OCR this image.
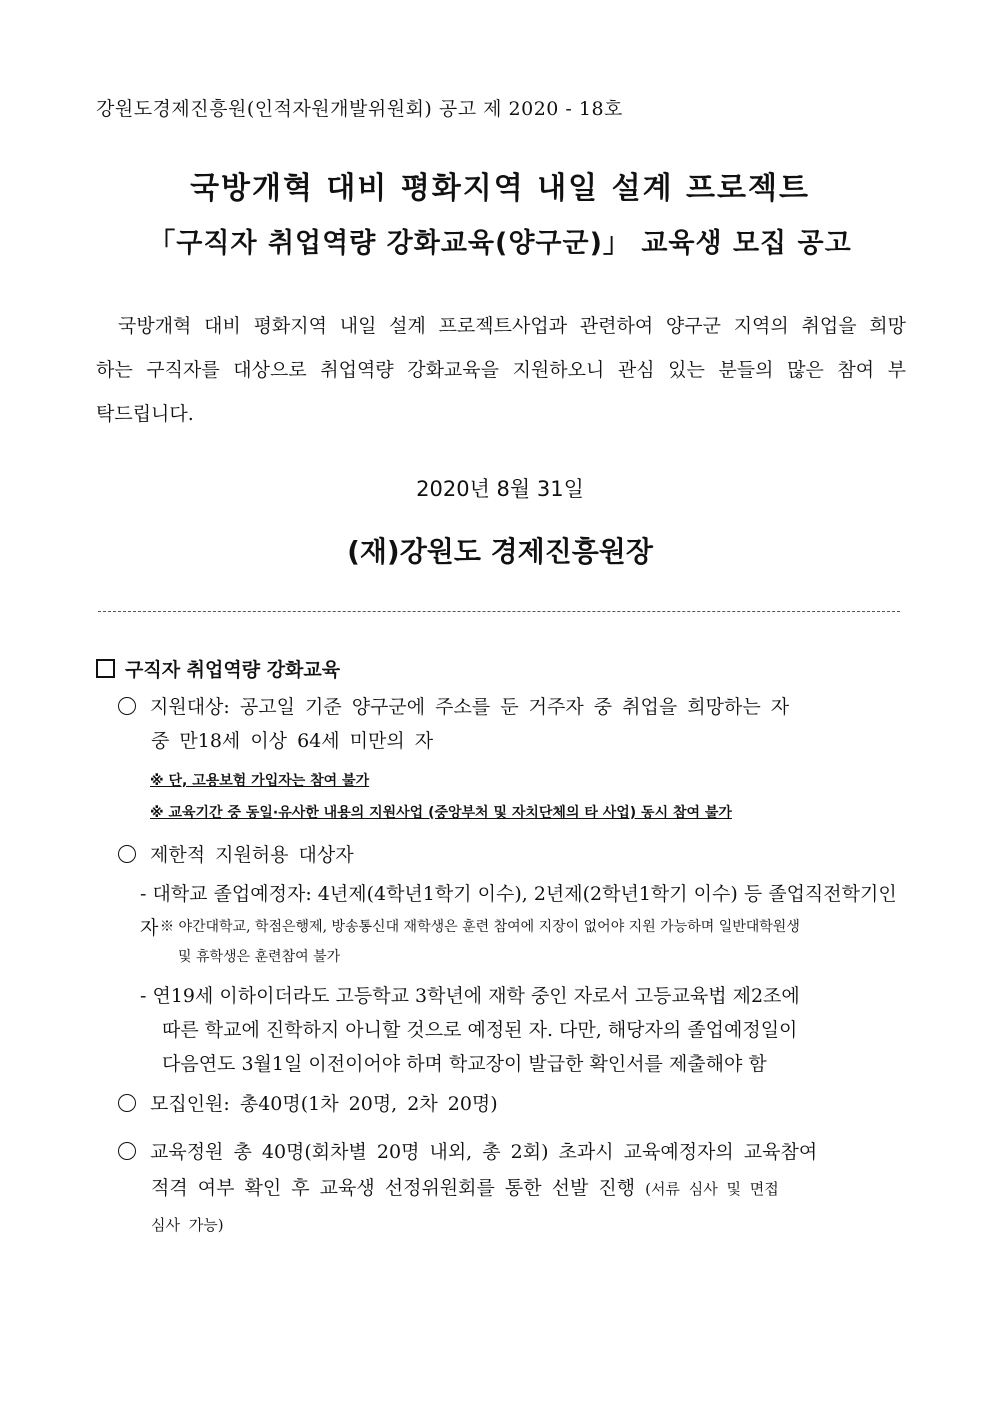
강원도경제진흥원(인적자원개발위원회) 공고 제 2020 - 18호
국방개혁 대비 평화지역 내일 설계 프로젝트
「구직자 취업역량 강화교육(양구군)」 교육생 모집 공고
국방개혁 대비 평화지역 내일 설계 프로젝트사업과 관련하여 양구군 지역의 취업을 희망하는 구직자를 대상으로 취업역량 강화교육을 지원하오니 관심 있는 분들의 많은 참여 부탁드립니다.
2020년 8월 31일
(재)강원도 경제진흥원장
구직자 취업역량 강화교육
지원대상: 공고일 기준 양구군에 주소를 둔 거주자 중 취업을 희망하는 자
중 만18세 이상 64세 미만의 자
※ 단, 고용보험 가입자는 참여 불가
※ 교육기간 중 동일·유사한 내용의 지원사업 (중앙부처 및 자치단체의 타 사업) 동시 참여 불가
제한적 지원허용 대상자
- 대학교 졸업예정자: 4년제(4학년1학기 이수), 2년제(2학년1학기 이수) 등 졸업직전학기인 자 ※ 야간대학교, 학점은행제, 방송통신대 재학생은 훈련 참여에 지장이 없어야 지원 가능하며 일반대학원생
및 휴학생은 훈련참여 불가
- 연19세 이하이더라도 고등학교 3학년에 재학 중인 자로서 고등교육법 제2조에
따른 학교에 진학하지 아니할 것으로 예정된 자. 다만, 해당자의 졸업예정일이
다음연도 3월1일 이전이어야 하며 학교장이 발급한 확인서를 제출해야 함
모집인원: 총40명(1차 20명, 2차 20명)
교육정원 총 40명(회차별 20명 내외, 총 2회) 초과시 교육예정자의 교육참여
적격 여부 확인 후 교육생 선정위원회를 통한 선발 진행 (서류 심사 및 면접
심사 가능)
